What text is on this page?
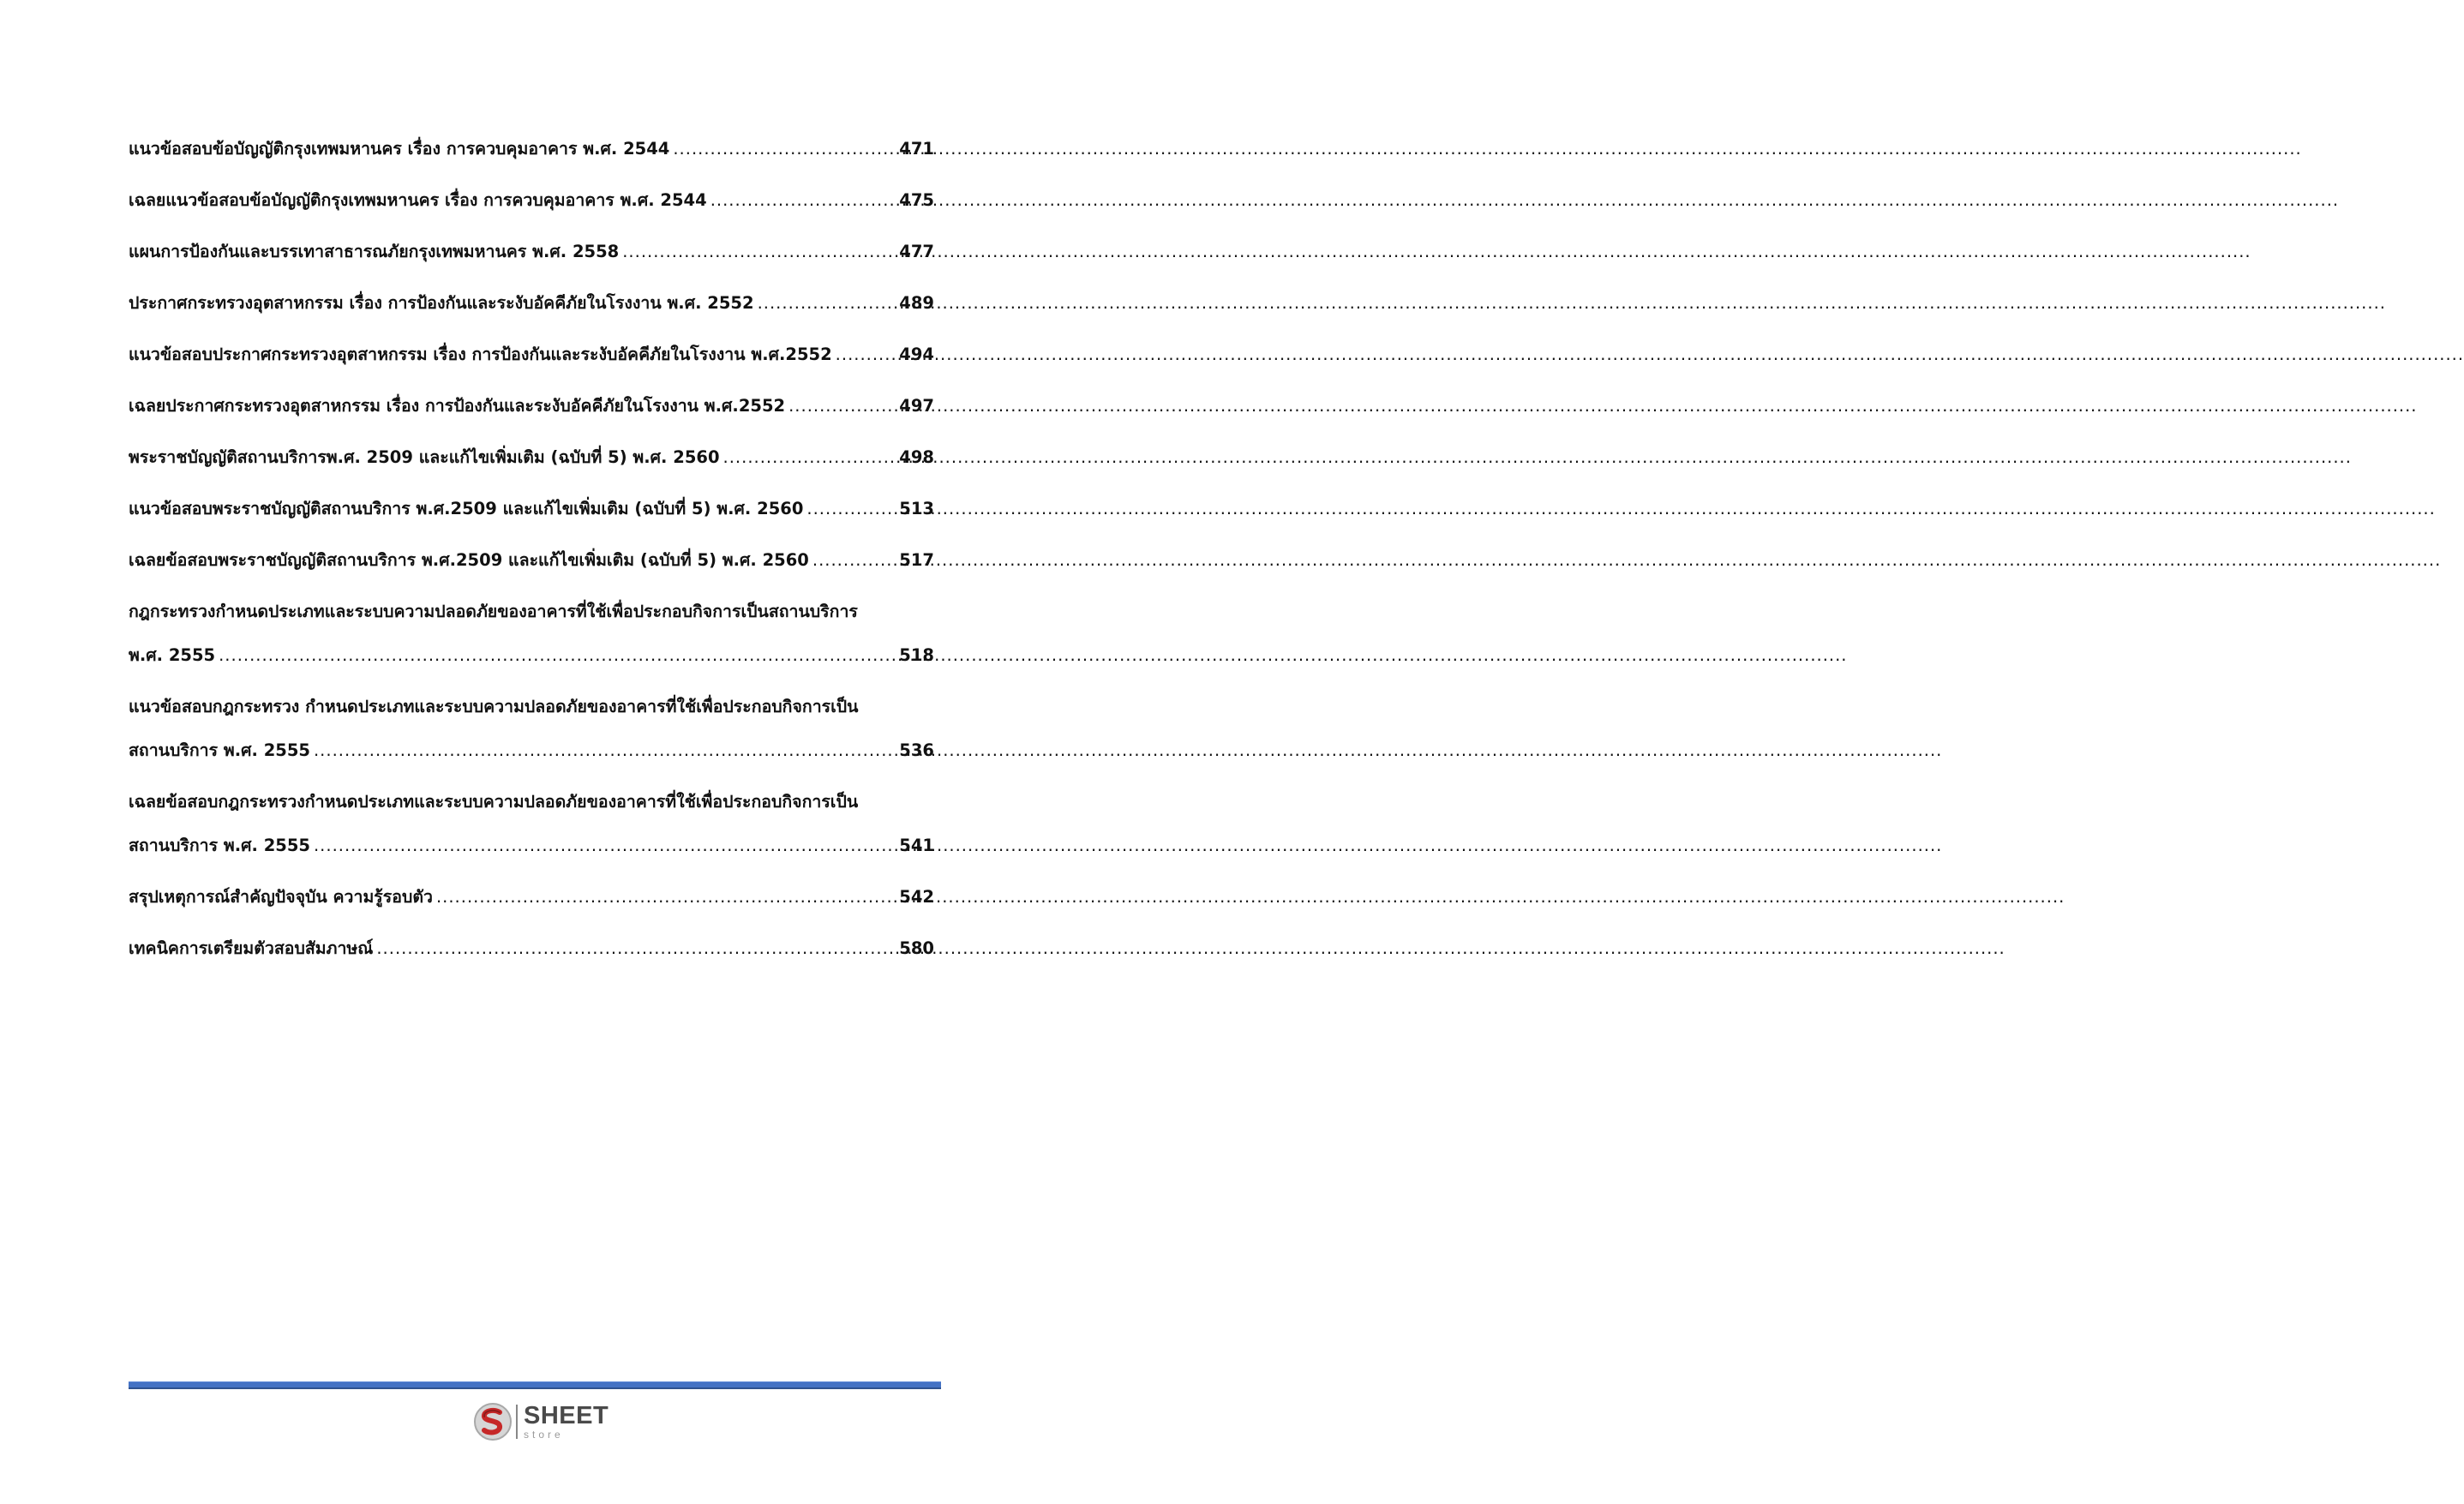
แนวข้อสอบข้อบัญญัติกรุงเทพมหานคร เรื่อง การควบคุมอาคาร พ.ศ. 2544 .....	471
เฉลยแนวข้อสอบข้อบัญญัติกรุงเทพมหานคร เรื่อง การควบคุมอาคาร พ.ศ. 2544 .....	475
แผนการป้องกันและบรรเทาสาธารณภัยกรุงเทพมหานคร พ.ศ. 2558 .....	477
ประกาศกระทรวงอุตสาหกรรม เรื่อง การป้องกันและระงับอัคคีภัยในโรงงาน พ.ศ. 2552 .....	489
แนวข้อสอบประกาศกระทรวงอุตสาหกรรม เรื่อง การป้องกันและระงับอัคคีภัยในโรงงาน พ.ศ.2552 .....	494
เฉลยประกาศกระทรวงอุตสาหกรรม เรื่อง การป้องกันและระงับอัคคีภัยในโรงงาน พ.ศ.2552 .....	497
พระราชบัญญัติสถานบริการพ.ศ. 2509 และแก้ไขเพิ่มเติม (ฉบับที่ 5) พ.ศ. 2560 .....	498
แนวข้อสอบพระราชบัญญัติสถานบริการ พ.ศ.2509 และแก้ไขเพิ่มเติม (ฉบับที่ 5) พ.ศ. 2560 .....	513
เฉลยข้อสอบพระราชบัญญัติสถานบริการ พ.ศ.2509 และแก้ไขเพิ่มเติม (ฉบับที่ 5) พ.ศ. 2560 .....	517
กฎกระทรวงกำหนดประเภทและระบบความปลอดภัยของอาคารที่ใช้เพื่อประกอบกิจการเป็นสถานบริการ
พ.ศ. 2555 .....	518
แนวข้อสอบกฎกระทรวง กำหนดประเภทและระบบความปลอดภัยของอาคารที่ใช้เพื่อประกอบกิจการเป็น
สถานบริการ พ.ศ. 2555 .....	536
เฉลยข้อสอบกฎกระทรวงกำหนดประเภทและระบบความปลอดภัยของอาคารที่ใช้เพื่อประกอบกิจการเป็น
สถานบริการ พ.ศ. 2555 .....	541
สรุปเหตุการณ์สำคัญปัจจุบัน ความรู้รอบตัว .....	542
เทคนิคการเตรียมตัวสอบสัมภาษณ์ .....	580
SHEET
store
